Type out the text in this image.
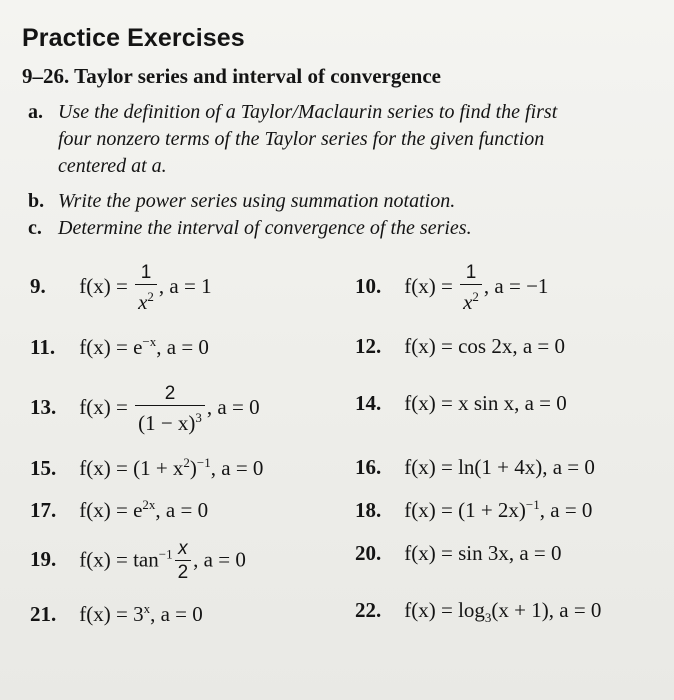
Practice Exercises
9–26. Taylor series and interval of convergence
a. Use the definition of a Taylor/Maclaurin series to find the first
four nonzero terms of the Taylor series for the given function
centered at a.
b. Write the power series using summation notation.
c. Determine the interval of convergence of the series.
9. $f(x) = \frac{1}{x^2}$ , a = 1	10. $f(x) = \frac{1}{x^2}$ , a = −1
11. $f(x) = e^{-x}$, a = 0	12. f(x) = cos 2x, a = 0
13. $f(x) = \frac{2}{(1 - x)^3}$ , a = 0	14. f(x) = x sin x, a = 0
15. $f(x) = (1 + x^2)^{-1}$, a = 0	16. f(x) = ln(1 + 4x), a = 0
17. $f(x) = e^{2x}$, a = 0	18. $f(x) = (1 + 2x)^{-1}$, a = 0
19. $f(x) = \tan^{-1} \frac{x}{2}$ , a = 0	20. f(x) = sin 3x, a = 0
21. $f(x) = 3^x$, a = 0	22. $f(x) = \log_3(x + 1)$, a = 0
